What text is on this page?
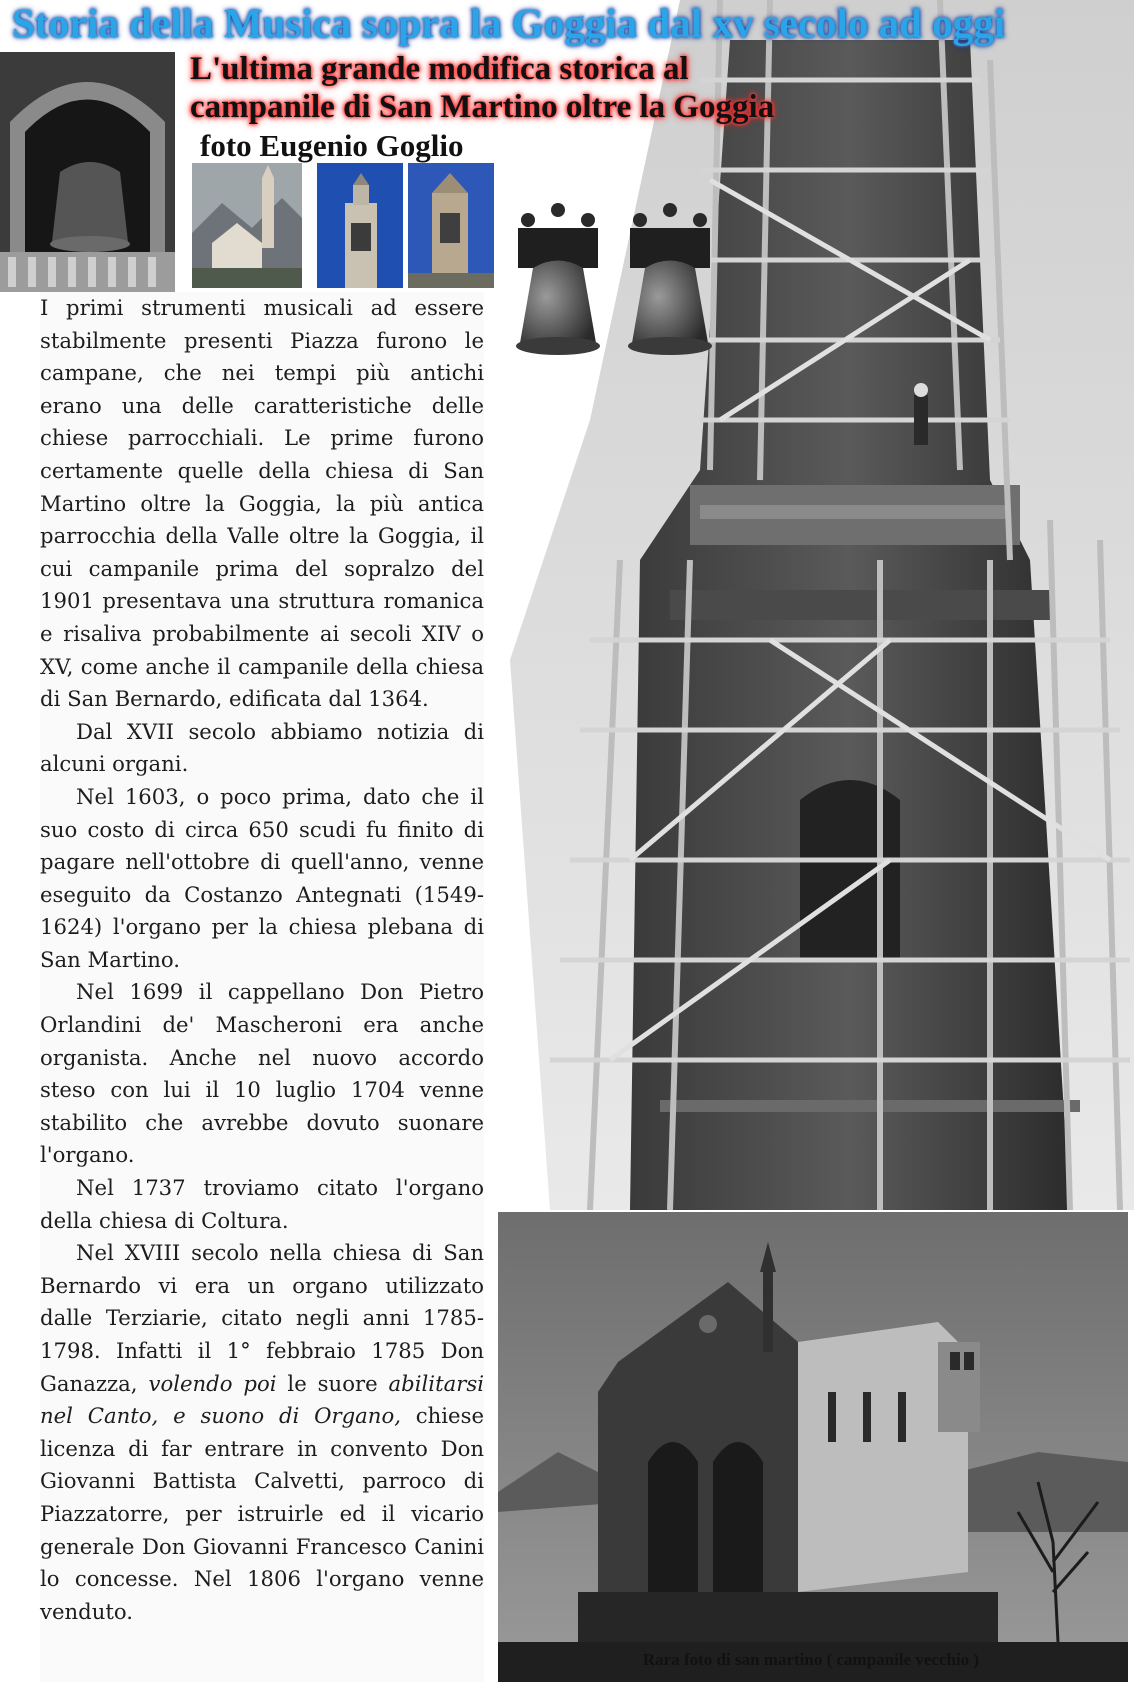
Storia della Musica sopra la Goggia dal xv secolo ad oggi
L'ultima grande modifica storica al campanile di San Martino oltre la Goggia
foto Eugenio Goglio

I primi strumenti musicali ad essere stabilmente presenti Piazza furono le campane, che nei tempi più antichi erano una delle caratteristiche delle chiese parrocchiali. Le prime furono certamente quelle della chiesa di San Martino oltre la Goggia, la più antica parrocchia della Valle oltre la Goggia, il cui campanile prima del sopralzo del 1901 presentava una struttura romanica e risaliva probabilmente ai secoli XIV o XV, come anche il campanile della chiesa di San Bernardo, edificata dal 1364.

Dal XVII secolo abbiamo notizia di alcuni organi.

Nel 1603, o poco prima, dato che il suo costo di circa 650 scudi fu finito di pagare nell'ottobre di quell'anno, venne eseguito da Costanzo Antegnati (1549-1624) l'organo per la chiesa plebana di San Martino.

Nel 1699 il cappellano Don Pietro Orlandini de' Mascheroni era anche organista. Anche nel nuovo accordo steso con lui il 10 luglio 1704 venne stabilito che avrebbe dovuto suonare l'organo.

Nel 1737 troviamo citato l'organo della chiesa di Coltura.

Nel XVIII secolo nella chiesa di San Bernardo vi era un organo utilizzato dalle Terziarie, citato negli anni 1785-1798. Infatti il 1° febbraio 1785 Don Ganazza, volendo poi le suore abilitarsi nel Canto, e suono di Organo, chiese licenza di far entrare in convento Don Giovanni Battista Calvetti, parroco di Piazzatorre, per istruirle ed il vicario generale Don Giovanni Francesco Canini lo concesse. Nel 1806 l'organo venne venduto.

Rara foto di san martino ( campanile vecchio )
